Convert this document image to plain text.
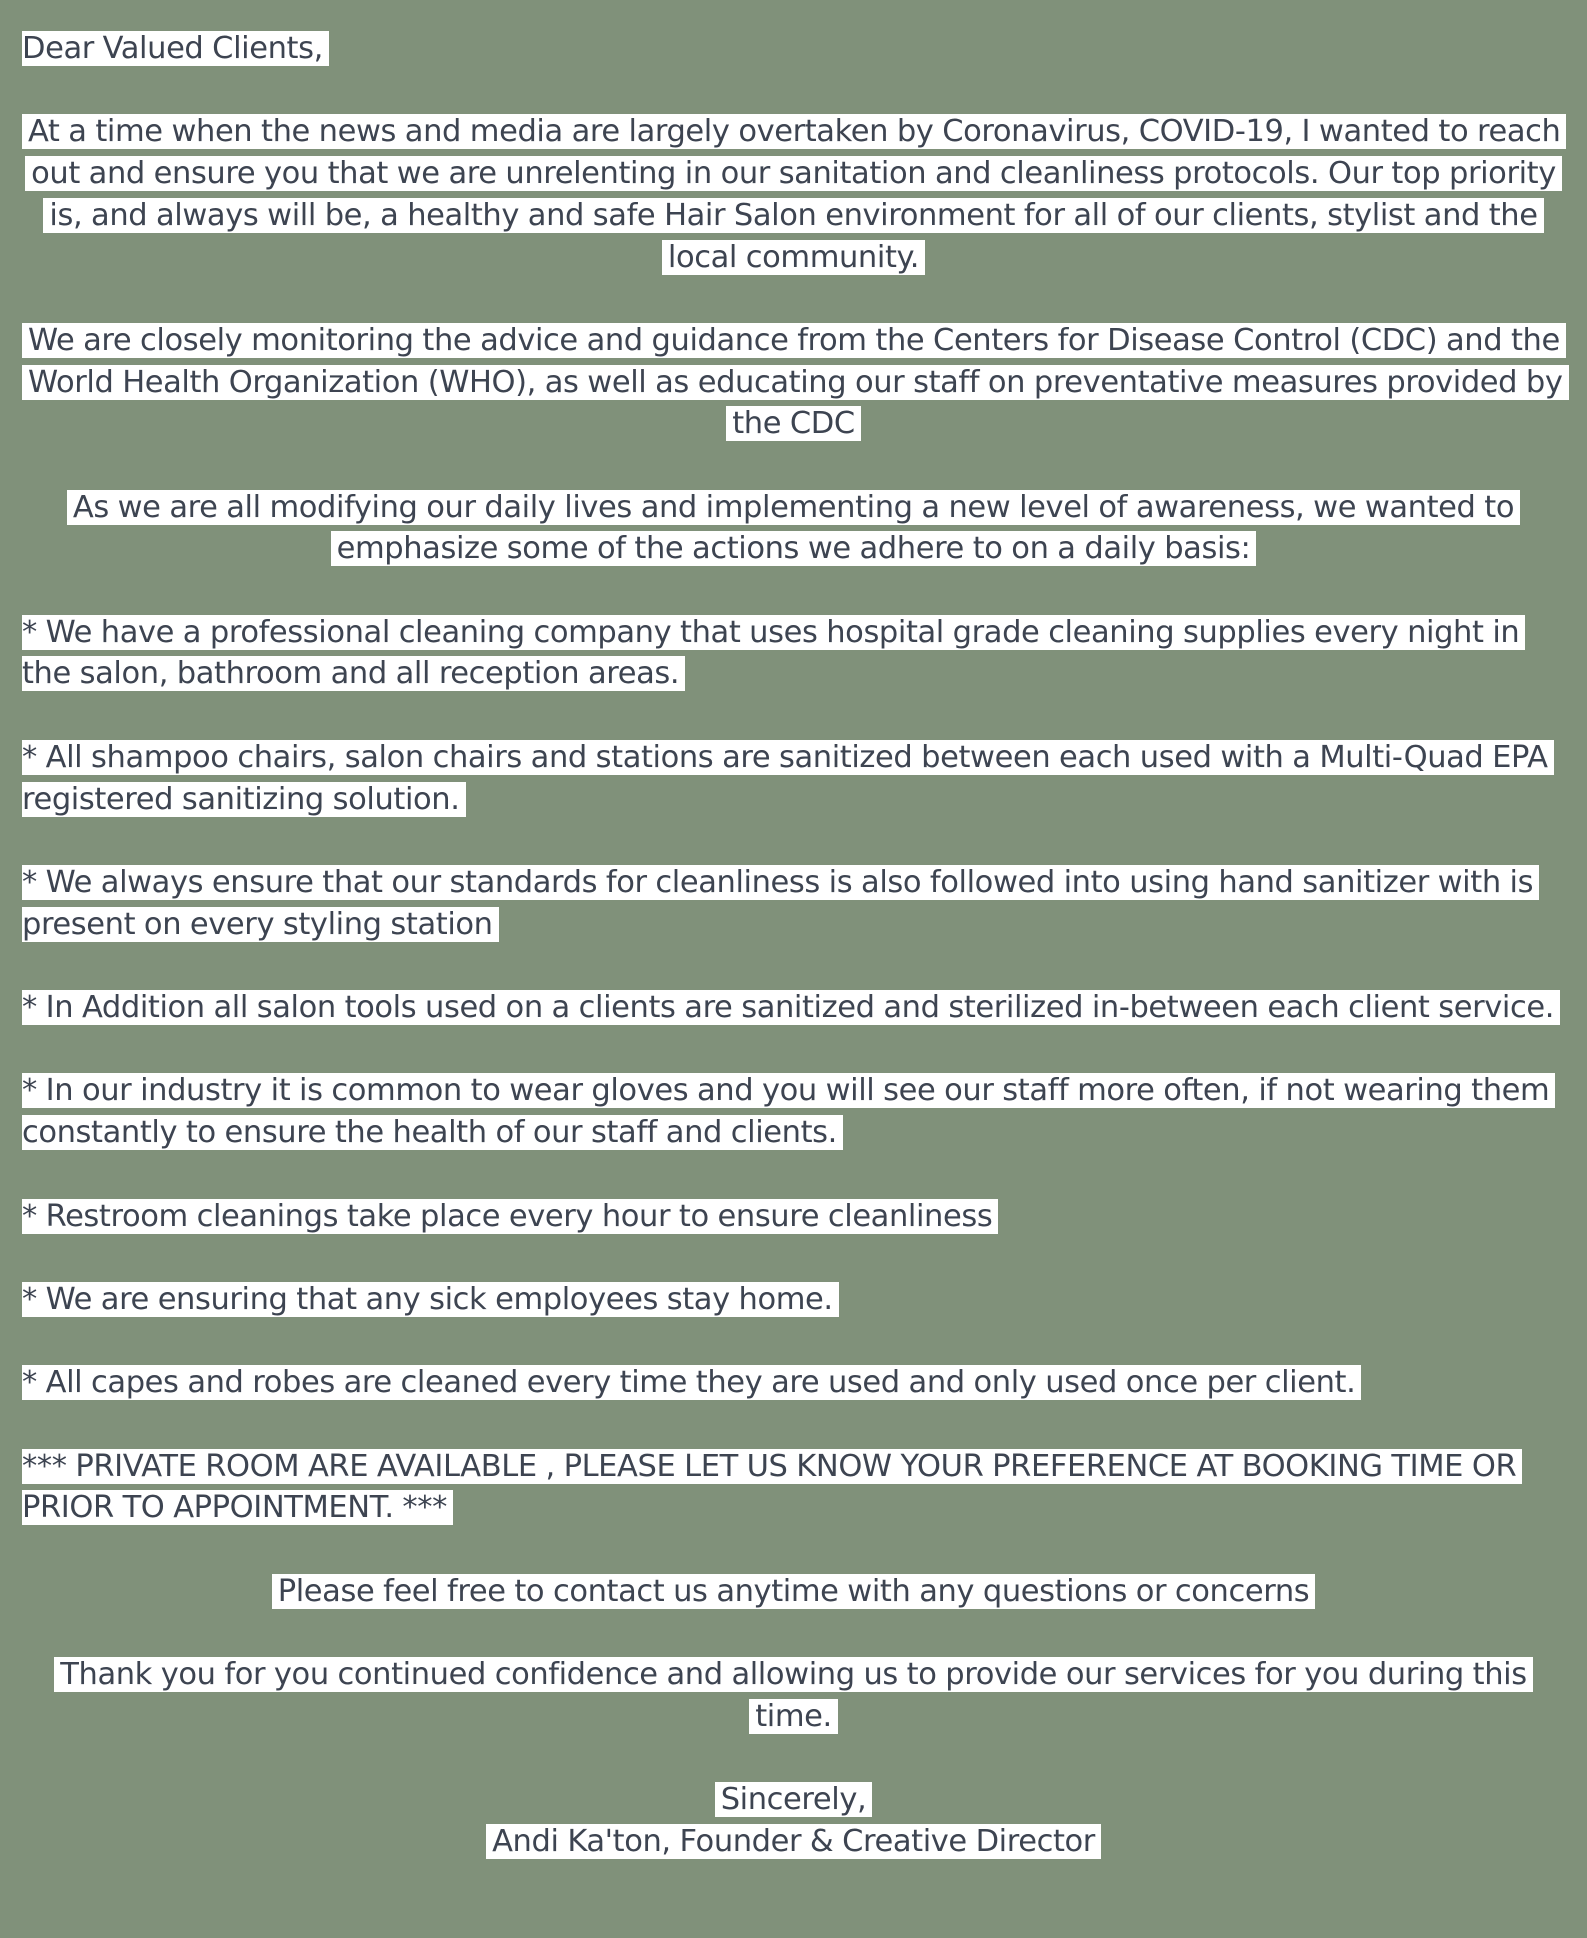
Dear Valued Clients,

At a time when the news and media are largely overtaken by Coronavirus, COVID-19, I wanted to reach out and ensure you that we are unrelenting in our sanitation and cleanliness protocols. Our top priority is, and always will be, a healthy and safe Hair Salon environment for all of our clients, stylist and the local community.

We are closely monitoring the advice and guidance from the Centers for Disease Control (CDC) and the World Health Organization (WHO), as well as educating our staff on preventative measures provided by the CDC

As we are all modifying our daily lives and implementing a new level of awareness, we wanted to emphasize some of the actions we adhere to on a daily basis:

* We have a professional cleaning company that uses hospital grade cleaning supplies every night in the salon, bathroom and all reception areas.

* All shampoo chairs, salon chairs and stations are sanitized between each used with a Multi-Quad EPA registered sanitizing solution.

* We always ensure that our standards for cleanliness is also followed into using hand sanitizer with is present on every styling station

* In Addition all salon tools used on a clients are sanitized and sterilized in-between each client service.

* In our industry it is common to wear gloves and you will see our staff more often, if not wearing them constantly to ensure the health of our staff and clients.

* Restroom cleanings take place every hour to ensure cleanliness

* We are ensuring that any sick employees stay home.

* All capes and robes are cleaned every time they are used and only used once per client.

*** PRIVATE ROOM ARE AVAILABLE , PLEASE LET US KNOW YOUR PREFERENCE AT BOOKING TIME OR PRIOR TO APPOINTMENT. ***

Please feel free to contact us anytime with any questions or concerns

Thank you for you continued confidence and allowing us to provide our services for you during this time.

Sincerely,

Andi Ka'ton, Founder & Creative Director
